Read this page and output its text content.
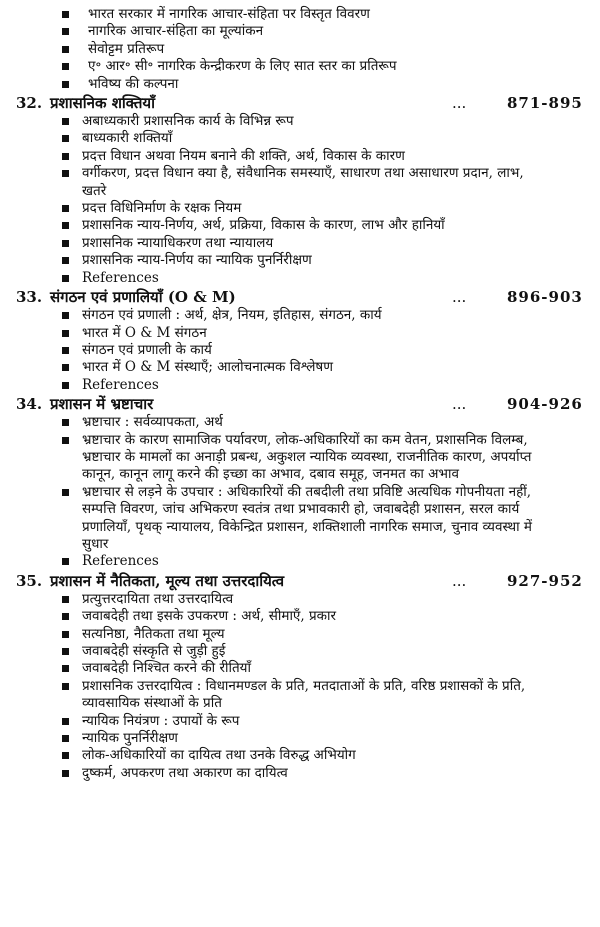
भारत सरकार में नागरिक आचार-संहिता पर विस्तृत विवरण
नागरिक आचार-संहिता का मूल्यांकन
सेवोट्टम प्रतिरूप
ए॰ आर॰ सी॰ नागरिक केन्द्रीकरण के लिए सात स्तर का प्रतिरूप
भविष्य की कल्पना
32. प्रशासनिक शक्तियाँ	...	871-895
अबाध्यकारी प्रशासनिक कार्य के विभिन्न रूप
बाध्यकारी शक्तियाँ
प्रदत्त विधान अथवा नियम बनाने की शक्ति, अर्थ, विकास के कारण
वर्गीकरण, प्रदत्त विधान क्या है, संवैधानिक समस्याएँ, साधारण तथा असाधारण प्रदान, लाभ, खतरे
प्रदत्त विधिनिर्माण के रक्षक नियम
प्रशासनिक न्याय-निर्णय, अर्थ, प्रक्रिया, विकास के कारण, लाभ और हानियाँ
प्रशासनिक न्यायाधिकरण तथा न्यायालय
प्रशासनिक न्याय-निर्णय का न्यायिक पुनर्निरीक्षण
References
33. संगठन एवं प्रणालियाँ (O & M)	...	896-903
संगठन एवं प्रणाली : अर्थ, क्षेत्र, नियम, इतिहास, संगठन, कार्य
भारत में O & M संगठन
संगठन एवं प्रणाली के कार्य
भारत में O & M संस्थाएँ; आलोचनात्मक विश्लेषण
References
34. प्रशासन में भ्रष्टाचार	...	904-926
भ्रष्टाचार : सर्वव्यापकता, अर्थ
भ्रष्टाचार के कारण सामाजिक पर्यावरण, लोक-अधिकारियों का कम वेतन, प्रशासनिक विलम्ब, भ्रष्टाचार के मामलों का अनाड़ी प्रबन्ध, अकुशल न्यायिक व्यवस्था, राजनीतिक कारण, अपर्याप्त कानून, कानून लागू करने की इच्छा का अभाव, दबाव समूह, जनमत का अभाव
भ्रष्टाचार से लड़ने के उपचार : अधिकारियों की तबदीली तथा प्रविष्टि अत्यधिक गोपनीयता नहीं, सम्पत्ति विवरण, जांच अभिकरण स्वतंत्र तथा प्रभावकारी हो, जवाबदेही प्रशासन, सरल कार्य प्रणालियाँ, पृथक् न्यायालय, विकेन्द्रित प्रशासन, शक्तिशाली नागरिक समाज, चुनाव व्यवस्था में सुधार
References
35. प्रशासन में नैतिकता, मूल्य तथा उत्तरदायित्व	...	927-952
प्रत्युत्तरदायिता तथा उत्तरदायित्व
जवाबदेही तथा इसके उपकरण : अर्थ, सीमाएँ, प्रकार
सत्यनिष्ठा, नैतिकता तथा मूल्य
जवाबदेही संस्कृति से जुड़ी हुई
जवाबदेही निश्चित करने की रीतियाँ
प्रशासनिक उत्तरदायित्व : विधानमण्डल के प्रति, मतदाताओं के प्रति, वरिष्ठ प्रशासकों के प्रति, व्यावसायिक संस्थाओं के प्रति
न्यायिक नियंत्रण : उपायों के रूप
न्यायिक पुनर्निरीक्षण
लोक-अधिकारियों का दायित्व तथा उनके विरुद्ध अभियोग
दुष्कर्म, अपकरण तथा अकारण का दायित्व
